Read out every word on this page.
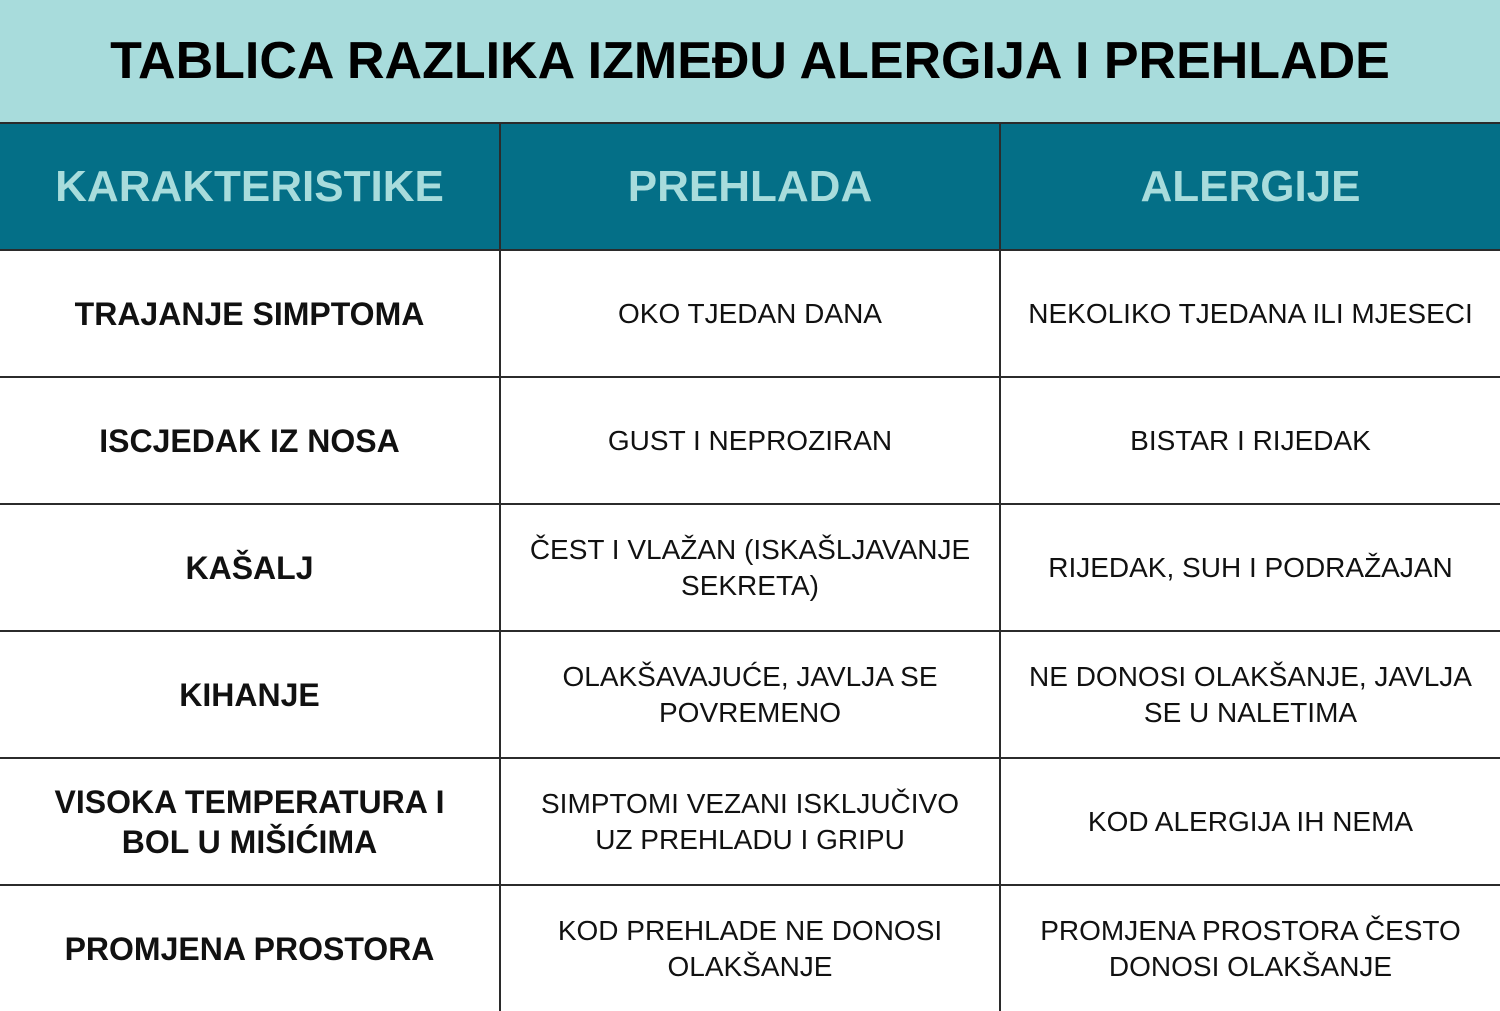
TABLICA RAZLIKA IZMEĐU ALERGIJA I PREHLADE
KARAKTERISTIKE	PREHLADA	ALERGIJE
TRAJANJE SIMPTOMA	OKO TJEDAN DANA	NEKOLIKO TJEDANA ILI MJESECI
ISCJEDAK IZ NOSA	GUST I NEPROZIRAN	BISTAR I RIJEDAK
KAŠALJ	ČEST I VLAŽAN (ISKAŠLJAVANJE SEKRETA)	RIJEDAK, SUH I PODRAŽAJAN
KIHANJE	OLAKŠAVAJUĆE, JAVLJA SE POVREMENO	NE DONOSI OLAKŠANJE, JAVLJA SE U NALETIMA
VISOKA TEMPERATURA I BOL U MIŠIĆIMA	SIMPTOMI VEZANI ISKLJUČIVO UZ PREHLADU I GRIPU	KOD ALERGIJA IH NEMA
PROMJENA PROSTORA	KOD PREHLADE NE DONOSI OLAKŠANJE	PROMJENA PROSTORA ČESTO DONOSI OLAKŠANJE
